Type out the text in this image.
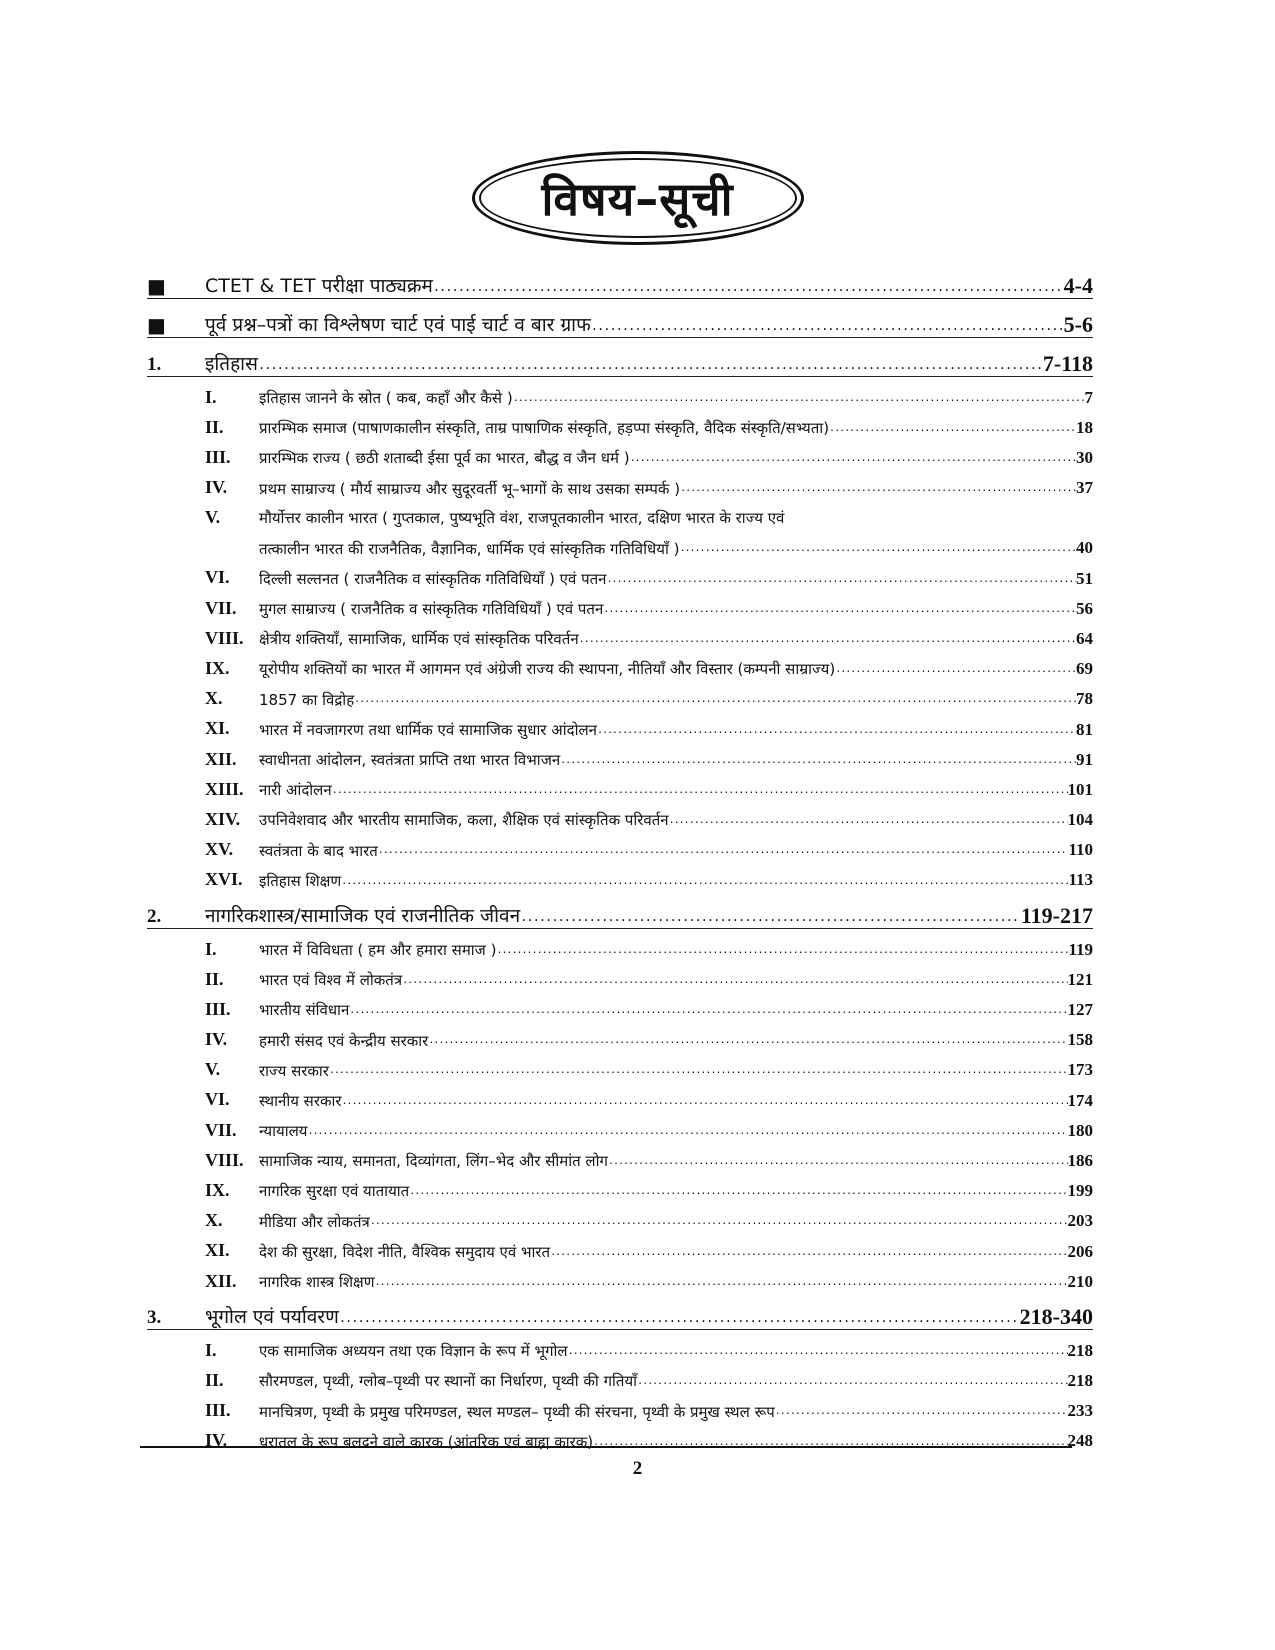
विषय–सूची
■	CTET & TET परीक्षा पाठ्यक्रम .....	4-4
■	पूर्व प्रश्न–पत्रों का विश्लेषण चार्ट एवं पाई चार्ट व बार ग्राफ .....	5-6
1.	इतिहास .....	7-118
I.	इतिहास जानने के स्रोत ( कब, कहाँ और कैसे ) .....	7
II.	प्रारम्भिक समाज (पाषाणकालीन संस्कृति, ताम्र पाषाणिक संस्कृति, हड़प्पा संस्कृति, वैदिक संस्कृति/सभ्यता) .....	18
III.	प्रारम्भिक राज्य ( छठी शताब्दी ईसा पूर्व का भारत, बौद्ध व जैन धर्म ) .....	30
IV.	प्रथम साम्राज्य ( मौर्य साम्राज्य और सुदूरवर्ती भू–भागों के साथ उसका सम्पर्क ) .....	37
V.	मौर्योत्तर कालीन भारत ( गुप्तकाल, पुष्यभूति वंश, राजपूतकालीन भारत, दक्षिण भारत के राज्य एवं
तत्कालीन भारत की राजनैतिक, वैज्ञानिक, धार्मिक एवं सांस्कृतिक गतिविधियाँ ) .....	40
VI.	दिल्ली सल्तनत ( राजनैतिक व सांस्कृतिक गतिविधियाँ ) एवं पतन .....	51
VII.	मुगल साम्राज्य ( राजनैतिक व सांस्कृतिक गतिविधियाँ ) एवं पतन .....	56
VIII.	क्षेत्रीय शक्तियाँ, सामाजिक, धार्मिक एवं सांस्कृतिक परिवर्तन .....	64
IX.	यूरोपीय शक्तियों का भारत में आगमन एवं अंग्रेजी राज्य की स्थापना, नीतियाँ और विस्तार (कम्पनी साम्राज्य) .....	69
X.	1857 का विद्रोह .....	78
XI.	भारत में नवजागरण तथा धार्मिक एवं सामाजिक सुधार आंदोलन .....	81
XII.	स्वाधीनता आंदोलन, स्वतंत्रता प्राप्ति तथा भारत विभाजन .....	91
XIII.	नारी आंदोलन .....	101
XIV.	उपनिवेशवाद और भारतीय सामाजिक, कला, शैक्षिक एवं सांस्कृतिक परिवर्तन .....	104
XV.	स्वतंत्रता के बाद भारत .....	110
XVI.	इतिहास शिक्षण .....	113
2.	नागरिकशास्त्र/सामाजिक एवं राजनीतिक जीवन .....	119-217
I.	भारत में विविधता ( हम और हमारा समाज ) .....	119
II.	भारत एवं विश्व में लोकतंत्र .....	121
III.	भारतीय संविधान .....	127
IV.	हमारी संसद एवं केन्द्रीय सरकार .....	158
V.	राज्य सरकार .....	173
VI.	स्थानीय सरकार .....	174
VII.	न्यायालय .....	180
VIII.	सामाजिक न्याय, समानता, दिव्यांगता, लिंग–भेद और सीमांत लोग .....	186
IX.	नागरिक सुरक्षा एवं यातायात .....	199
X.	मीडिया और लोकतंत्र .....	203
XI.	देश की सुरक्षा, विदेश नीति, वैश्विक समुदाय एवं भारत .....	206
XII.	नागरिक शास्त्र शिक्षण .....	210
3.	भूगोल एवं पर्यावरण .....	218-340
I.	एक सामाजिक अध्ययन तथा एक विज्ञान के रूप में भूगोल .....	218
II.	सौरमण्डल, पृथ्वी, ग्लोब–पृथ्वी पर स्थानों का निर्धारण, पृथ्वी की गतियाँ .....	218
III.	मानचित्रण, पृथ्वी के प्रमुख परिमण्डल, स्थल मण्डल– पृथ्वी की संरचना, पृथ्वी के प्रमुख स्थल रूप .....	233
IV.	धरातल के रूप बलदने वाले कारक (आंतरिक एवं बाह्य कारक) .....	248
2
